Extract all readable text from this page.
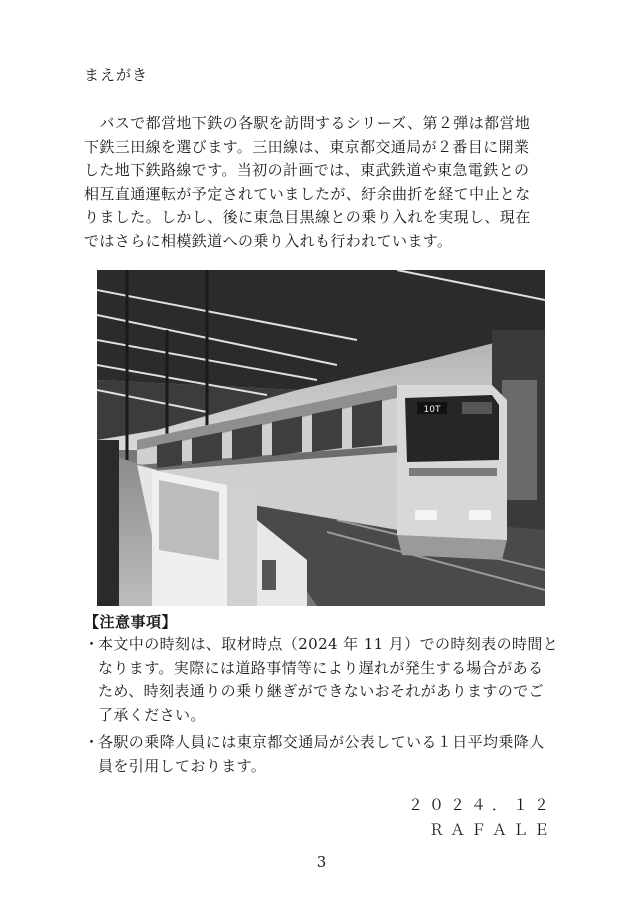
まえがき
　バスで都営地下鉄の各駅を訪問するシリーズ、第２弾は都営地
下鉄三田線を選びます。三田線は、東京都交通局が２番目に開業
した地下鉄路線です。当初の計画では、東武鉄道や東急電鉄との
相互直通運転が予定されていましたが、紆余曲折を経て中止とな
りました。しかし、後に東急目黒線との乗り入れを実現し、現在
ではさらに相模鉄道への乗り入れも行われています。
10T
【注意事項】
・
本文中の時刻は、取材時点（2024 年 11 月）での時刻表の時間と
なります。実際には道路事情等により遅れが発生する場合がある
ため、時刻表通りの乗り継ぎができないおそれがありますのでご
了承ください。
・
各駅の乗降人員には東京都交通局が公表している１日平均乗降人
員を引用しております。
２０２４．１２
ＲＡＦＡＬＥ
3
